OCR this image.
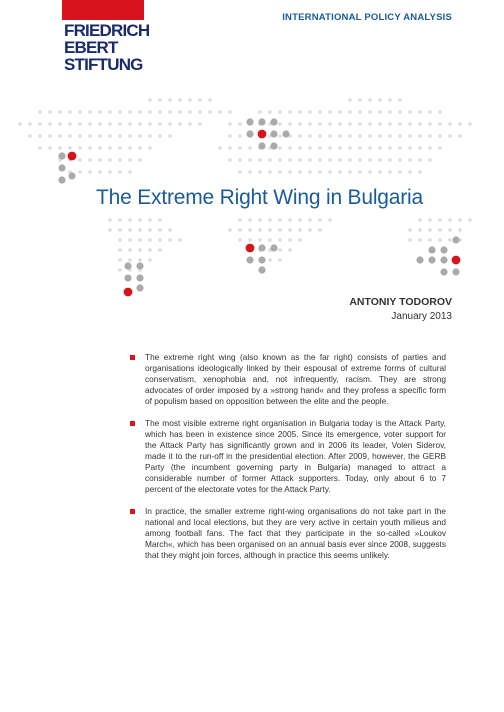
FRIEDRICH
EBERT
STIFTUNG
INTERNATIONAL POLICY ANALYSIS
The Extreme Right Wing in Bulgaria
ANTONIY TODOROV
January 2013
The extreme right wing (also known as the far right) consists of parties and organisations ideologically linked by their espousal of extreme forms of cultural conservatism, xenophobia and, not infrequently, racism. They are strong advocates of order imposed by a »strong hand« and they profess a specific form of populism based on opposition between the elite and the people.
The most visible extreme right organisation in Bulgaria today is the Attack Party, which has been in existence since 2005. Since its emergence, voter support for the Attack Party has significantly grown and in 2006 its leader, Volen Siderov, made it to the run-off in the presidential election. After 2009, however, the GERB Party (the incumbent governing party in Bulgaria) managed to attract a considerable number of former Attack supporters. Today, only about 6 to 7 percent of the electorate votes for the Attack Party.
In practice, the smaller extreme right-wing organisations do not take part in the national and local elections, but they are very active in certain youth milieus and among football fans. The fact that they participate in the so-called »Loukov March«, which has been organised on an annual basis ever since 2008, suggests that they might join forces, although in practice this seems unlikely.
